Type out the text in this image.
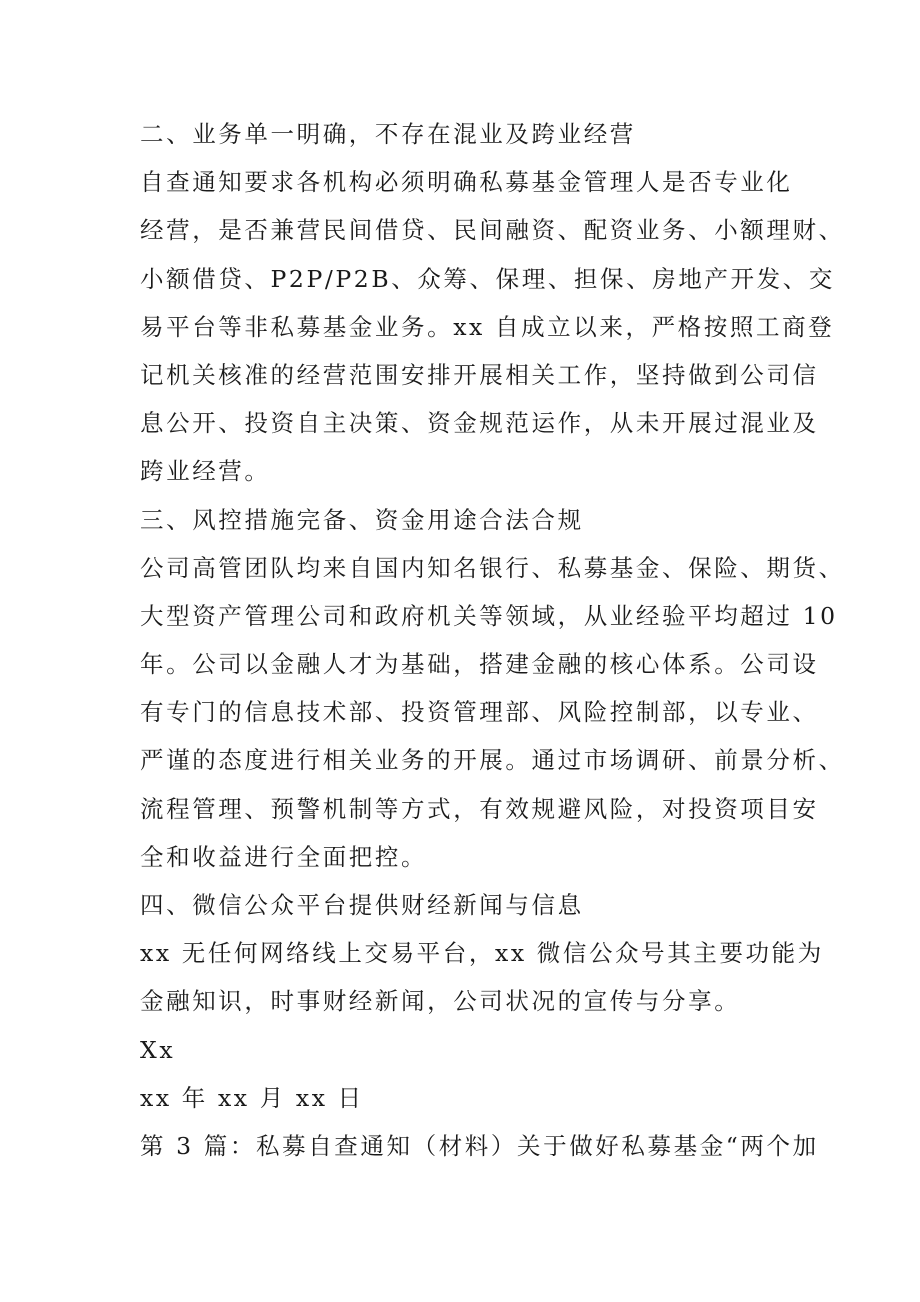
二、业务单一明确，不存在混业及跨业经营
自查通知要求各机构必须明确私募基金管理人是否专业化
经营，是否兼营民间借贷、民间融资、配资业务、小额理财、
小额借贷、P2P/P2B、众筹、保理、担保、房地产开发、交
易平台等非私募基金业务。xx 自成立以来，严格按照工商登
记机关核准的经营范围安排开展相关工作，坚持做到公司信
息公开、投资自主决策、资金规范运作，从未开展过混业及
跨业经营。
三、风控措施完备、资金用途合法合规
公司高管团队均来自国内知名银行、私募基金、保险、期货、
大型资产管理公司和政府机关等领域，从业经验平均超过 10
年。公司以金融人才为基础，搭建金融的核心体系。公司设
有专门的信息技术部、投资管理部、风险控制部，以专业、
严谨的态度进行相关业务的开展。通过市场调研、前景分析、
流程管理、预警机制等方式，有效规避风险，对投资项目安
全和收益进行全面把控。
四、微信公众平台提供财经新闻与信息
xx 无任何网络线上交易平台，xx 微信公众号其主要功能为
金融知识，时事财经新闻，公司状况的宣传与分享。
Xx
xx 年 xx 月 xx 日
第 3 篇：私募自查通知（材料）关于做好私募基金“两个加
